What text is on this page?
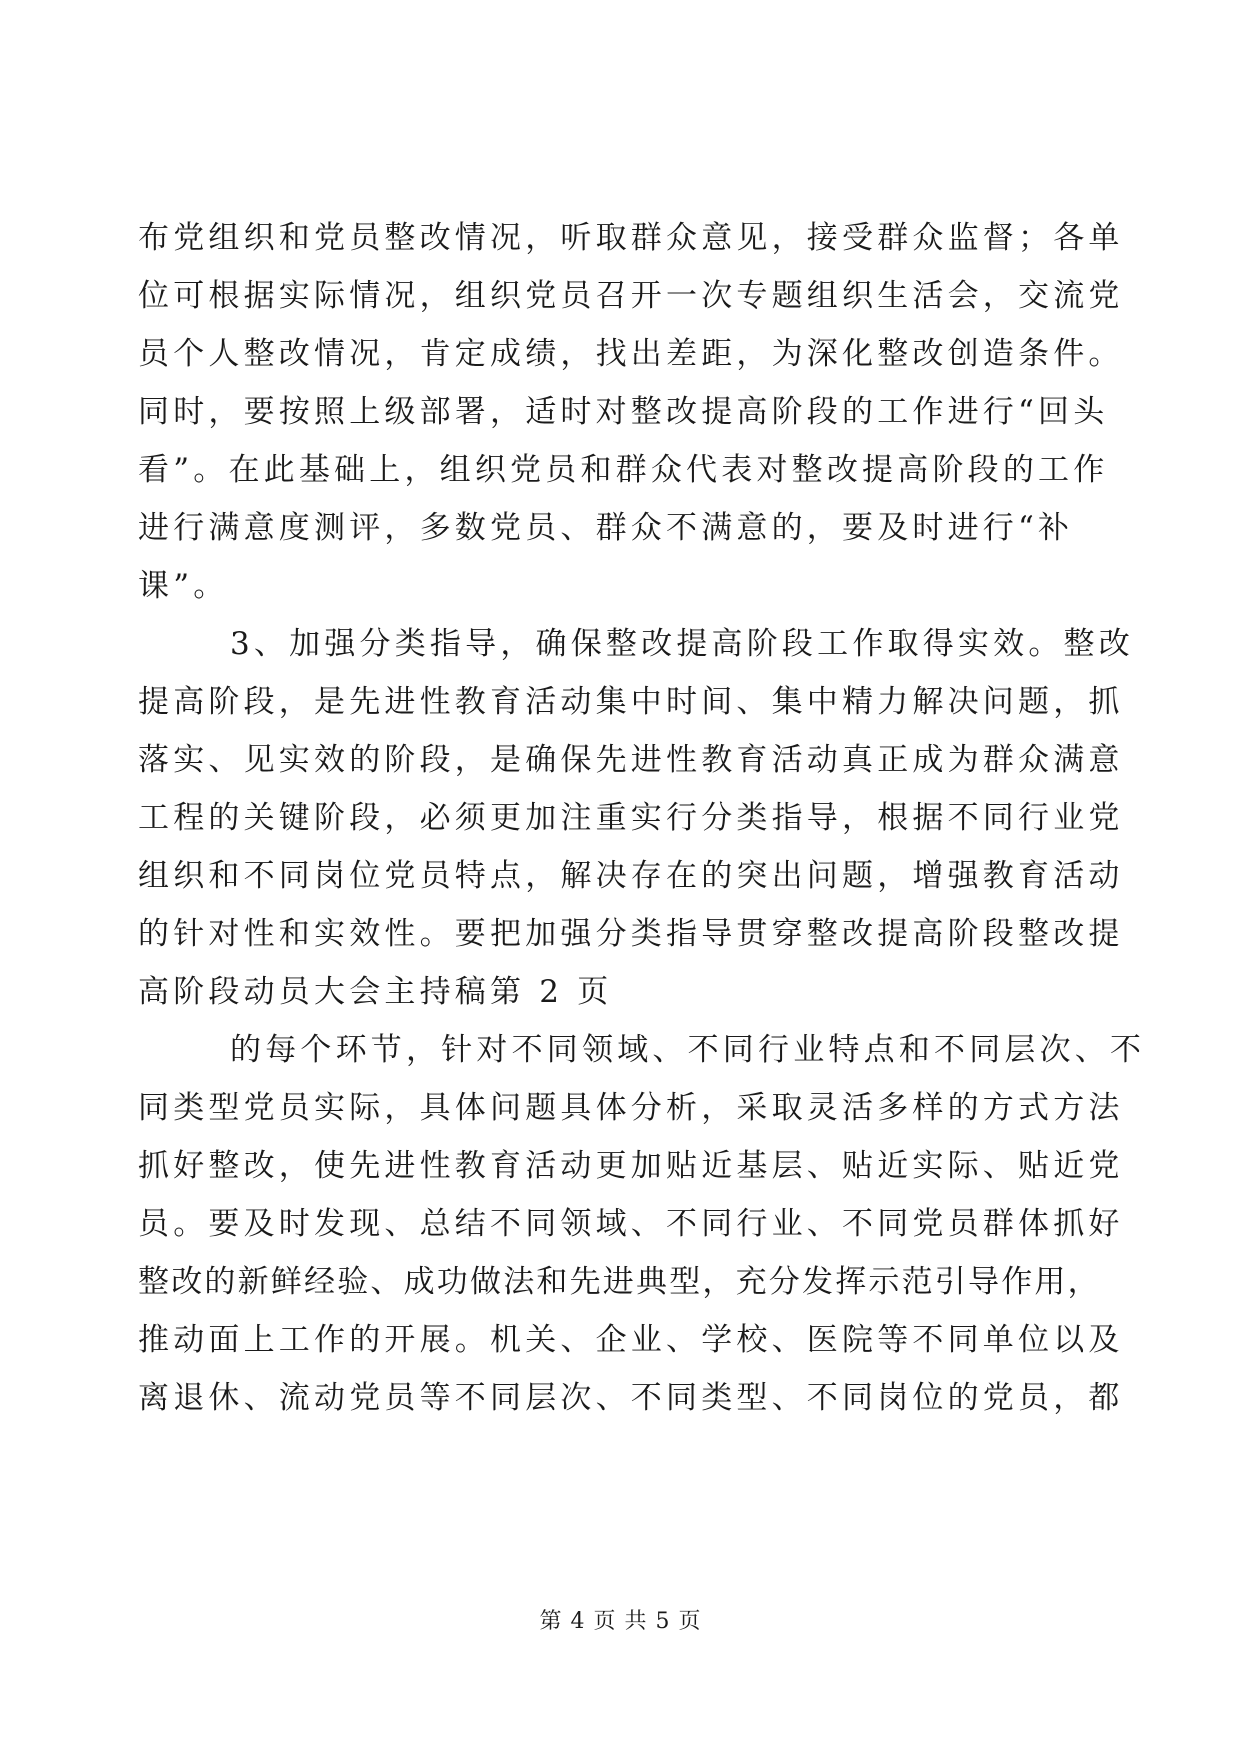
布党组织和党员整改情况，听取群众意见，接受群众监督；各单
位可根据实际情况，组织党员召开一次专题组织生活会，交流党
员个人整改情况，肯定成绩，找出差距，为深化整改创造条件。
同时，要按照上级部署，适时对整改提高阶段的工作进行“回头
看”。在此基础上，组织党员和群众代表对整改提高阶段的工作
进行满意度测评，多数党员、群众不满意的，要及时进行“补
课”。
3、加强分类指导，确保整改提高阶段工作取得实效。整改
提高阶段，是先进性教育活动集中时间、集中精力解决问题，抓
落实、见实效的阶段，是确保先进性教育活动真正成为群众满意
工程的关键阶段，必须更加注重实行分类指导，根据不同行业党
组织和不同岗位党员特点，解决存在的突出问题，增强教育活动
的针对性和实效性。要把加强分类指导贯穿整改提高阶段整改提
高阶段动员大会主持稿第 2 页
的每个环节，针对不同领域、不同行业特点和不同层次、不
同类型党员实际，具体问题具体分析，采取灵活多样的方式方法
抓好整改，使先进性教育活动更加贴近基层、贴近实际、贴近党
员。要及时发现、总结不同领域、不同行业、不同党员群体抓好
整改的新鲜经验、成功做法和先进典型，充分发挥示范引导作用，
推动面上工作的开展。机关、企业、学校、医院等不同单位以及
离退休、流动党员等不同层次、不同类型、不同岗位的党员，都
第 4 页 共 5 页
